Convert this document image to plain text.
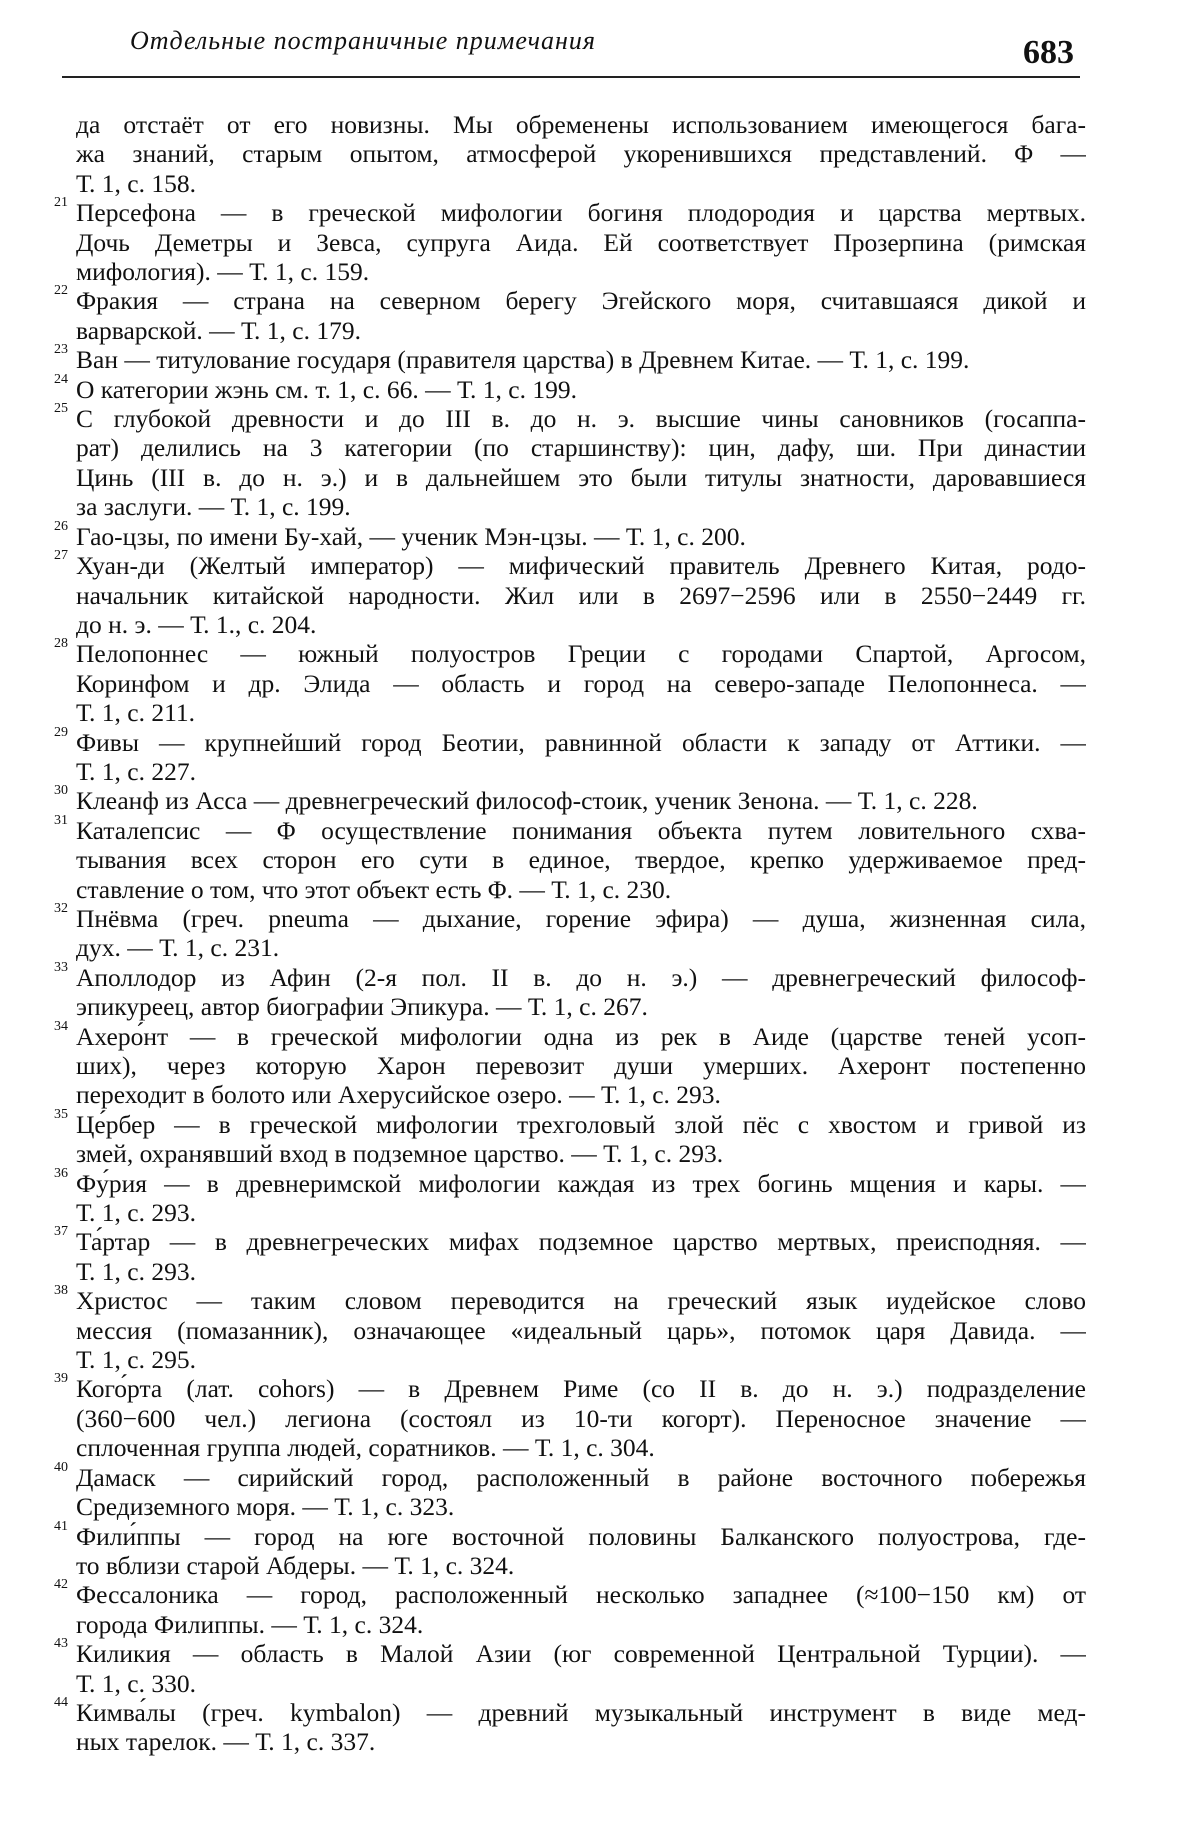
Отдельные постраничные примечания	683
да отстаёт от его новизны. Мы обременены использованием имеющегося бага-
жа знаний, старым опытом, атмосферой укоренившихся представлений. Φ —
Т. 1, с. 158.
21 Персефона — в греческой мифологии богиня плодородия и царства мертвых.
Дочь Деметры и Зевса, супруга Аида. Ей соответствует Прозерпина (римская
мифология). — Т. 1, с. 159.
22 Фракия — страна на северном берегу Эгейского моря, считавшаяся дикой и
варварской. — Т. 1, с. 179.
23 Ван — титулование государя (правителя царства) в Древнем Китае. — Т. 1, с. 199.
24 О категории жэнь см. т. 1, с. 66. — Т. 1, с. 199.
25 С глубокой древности и до III в. до н. э. высшие чины сановников (госаппа-
рат) делились на 3 категории (по старшинству): цин, дафу, ши. При династии
Цинь (III в. до н. э.) и в дальнейшем это были титулы знатности, даровавшиеся
за заслуги. — Т. 1, с. 199.
26 Гао-цзы, по имени Бу-хай, — ученик Мэн-цзы. — Т. 1, с. 200.
27 Хуан-ди (Желтый император) — мифический правитель Древнего Китая, родо-
начальник китайской народности. Жил или в 2697−2596 или в 2550−2449 гг.
до н. э. — Т. 1., с. 204.
28 Пелопоннес — южный полуостров Греции с городами Спартой, Аргосом,
Коринфом и др. Элида — область и город на северо-западе Пелопоннеса. —
Т. 1, с. 211.
29 Фивы — крупнейший город Беотии, равнинной области к западу от Аттики. —
Т. 1, с. 227.
30 Клеанф из Асса — древнегреческий философ-стоик, ученик Зенона. — Т. 1, с. 228.
31 Каталепсис — Φ осуществление понимания объекта путем ловительного схва-
тывания всех сторон его сути в единое, твердое, крепко удерживаемое пред-
ставление о том, что этот объект есть Φ. — Т. 1, с. 230.
32 Пнёвма (греч. pneuma — дыхание, горение эфира) — душа, жизненная сила,
дух. — Т. 1, с. 231.
33 Аполлодор из Афин (2-я пол. II в. до н. э.) — древнегреческий философ-
эпикуреец, автор биографии Эпикура. — Т. 1, с. 267.
34 Ахеро́нт — в греческой мифологии одна из рек в Аиде (царстве теней усоп-
ших), через которую Харон перевозит души умерших. Ахеронт постепенно
переходит в болото или Ахерусийское озеро. — Т. 1, с. 293.
35 Це́рбер — в греческой мифологии трехголовый злой пёс с хвостом и гривой из
змей, охранявший вход в подземное царство. — Т. 1, с. 293.
36 Фу́рия — в древнеримской мифологии каждая из трех богинь мщения и кары. —
Т. 1, с. 293.
37 Та́ртар — в древнегреческих мифах подземное царство мертвых, преисподняя. —
Т. 1, с. 293.
38 Христос — таким словом переводится на греческий язык иудейское слово
мессия (помазанник), означающее «идеальный царь», потомок царя Давида. —
Т. 1, с. 295.
39 Кого́рта (лат. cohors) — в Древнем Риме (со II в. до н. э.) подразделение
(360−600 чел.) легиона (состоял из 10-ти когорт). Переносное значение —
сплоченная группа людей, соратников. — Т. 1, с. 304.
40 Дамаск — сирийский город, расположенный в районе восточного побережья
Средиземного моря. — Т. 1, с. 323.
41 Фили́ппы — город на юге восточной половины Балканского полуострова, где-
то вблизи старой Абдеры. — Т. 1, с. 324.
42 Фессалоника — город, расположенный несколько западнее (≈100−150 км) от
города Филиппы. — Т. 1, с. 324.
43 Киликия — область в Малой Азии (юг современной Центральной Турции). —
Т. 1, с. 330.
44 Кимва́лы (греч. kymbalon) — древний музыкальный инструмент в виде мед-
ных тарелок. — Т. 1, с. 337.
